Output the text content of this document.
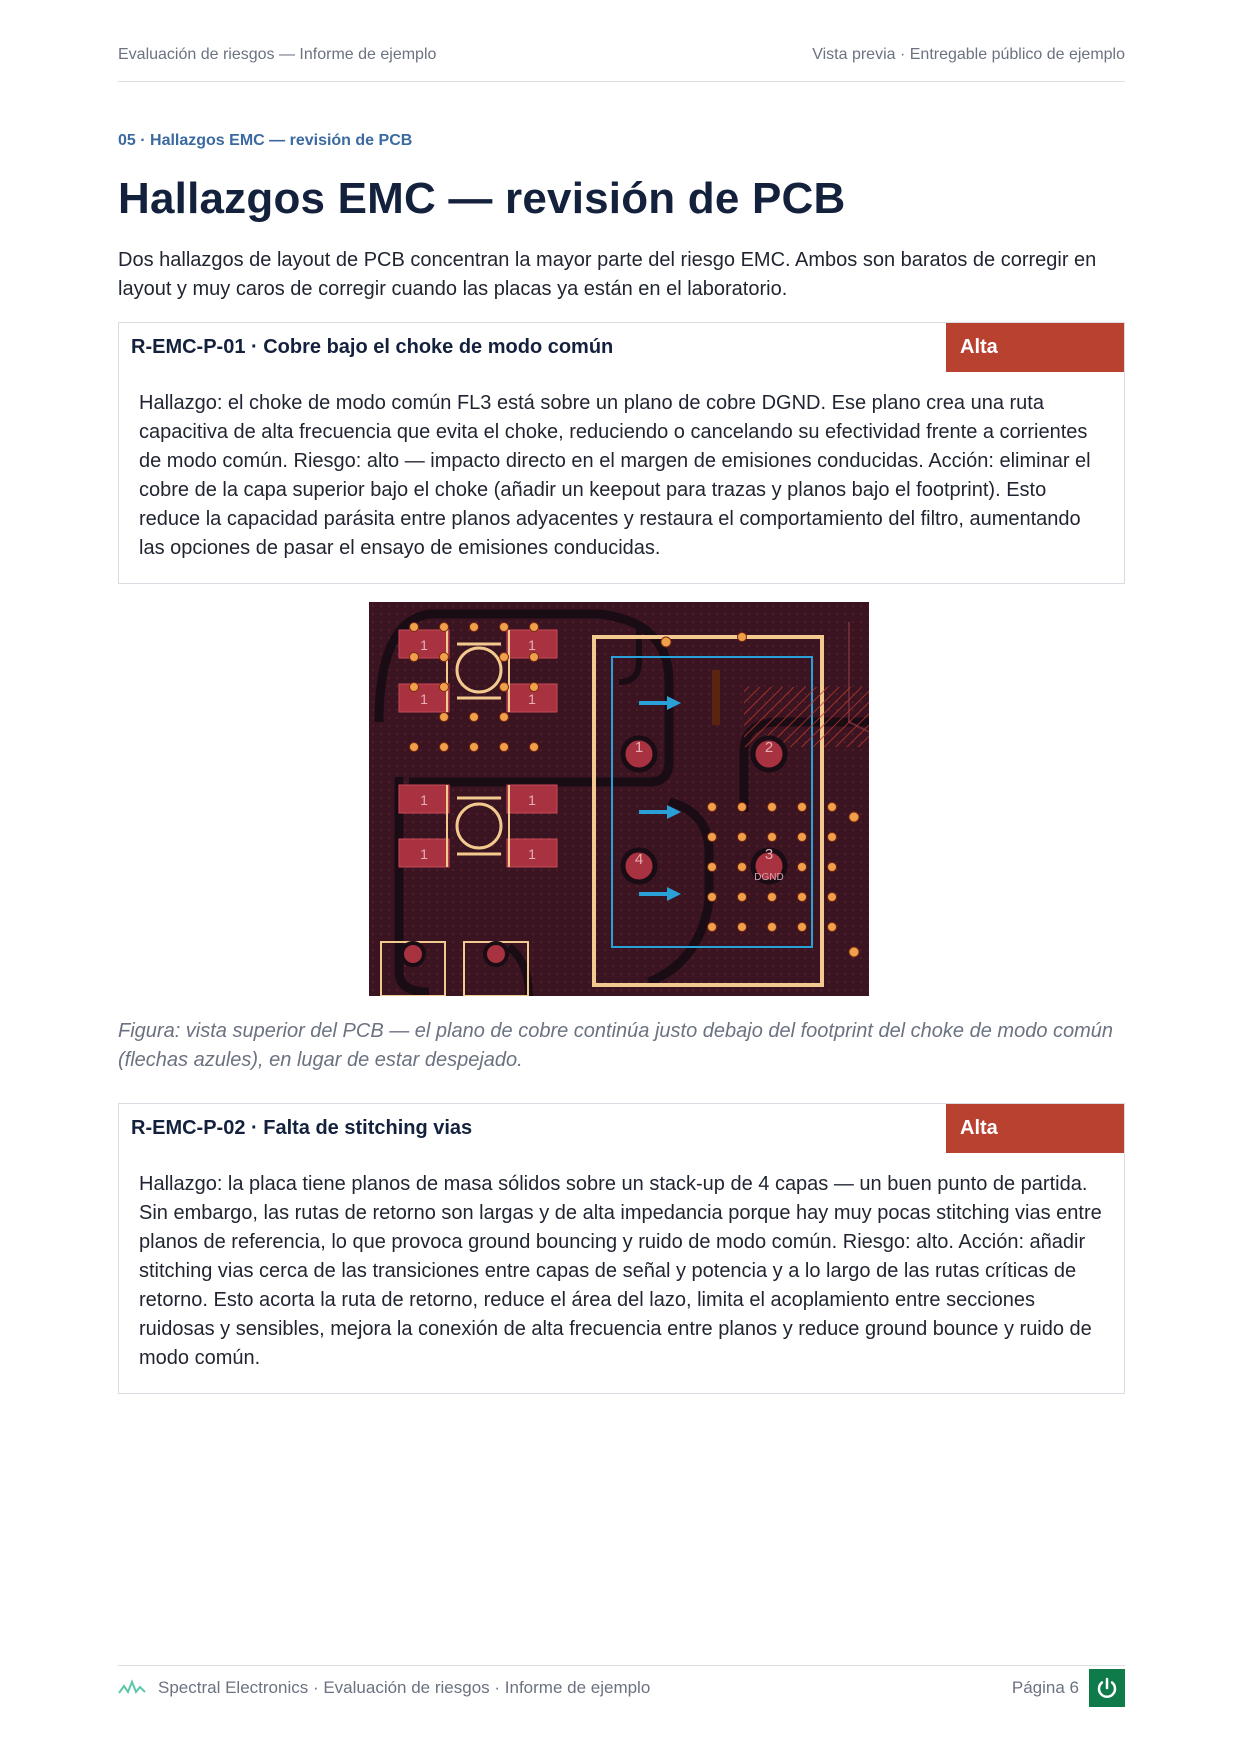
Evaluación de riesgos — Informe de ejemplo	Vista previa · Entregable público de ejemplo
05 · Hallazgos EMC — revisión de PCB
Hallazgos EMC — revisión de PCB

Dos hallazgos de layout de PCB concentran la mayor parte del riesgo EMC. Ambos son baratos de corregir en layout y muy caros de corregir cuando las placas ya están en el laboratorio.

R-EMC-P-01 · Cobre bajo el choke de modo común	Alta

Hallazgo: el choke de modo común FL3 está sobre un plano de cobre DGND. Ese plano crea una ruta capacitiva de alta frecuencia que evita el choke, reduciendo o cancelando su efectividad frente a corrientes de modo común. Riesgo: alto — impacto directo en el margen de emisiones conducidas. Acción: eliminar el cobre de la capa superior bajo el choke (añadir un keepout para trazas y planos bajo el footprint). Esto reduce la capacidad parásita entre planos adyacentes y restaura el comportamiento del filtro, aumentando las opciones de pasar el ensayo de emisiones conducidas.

1	1
1	1
1	1
1	1
1	2
4	3
DGND

Figura: vista superior del PCB — el plano de cobre continúa justo debajo del footprint del choke de modo común (flechas azules), en lugar de estar despejado.

R-EMC-P-02 · Falta de stitching vias	Alta

Hallazgo: la placa tiene planos de masa sólidos sobre un stack-up de 4 capas — un buen punto de partida. Sin embargo, las rutas de retorno son largas y de alta impedancia porque hay muy pocas stitching vias entre planos de referencia, lo que provoca ground bouncing y ruido de modo común. Riesgo: alto. Acción: añadir stitching vias cerca de las transiciones entre capas de señal y potencia y a lo largo de las rutas críticas de retorno. Esto acorta la ruta de retorno, reduce el área del lazo, limita el acoplamiento entre secciones ruidosas y sensibles, mejora la conexión de alta frecuencia entre planos y reduce ground bounce y ruido de modo común.

Spectral Electronics · Evaluación de riesgos · Informe de ejemplo	Página 6
